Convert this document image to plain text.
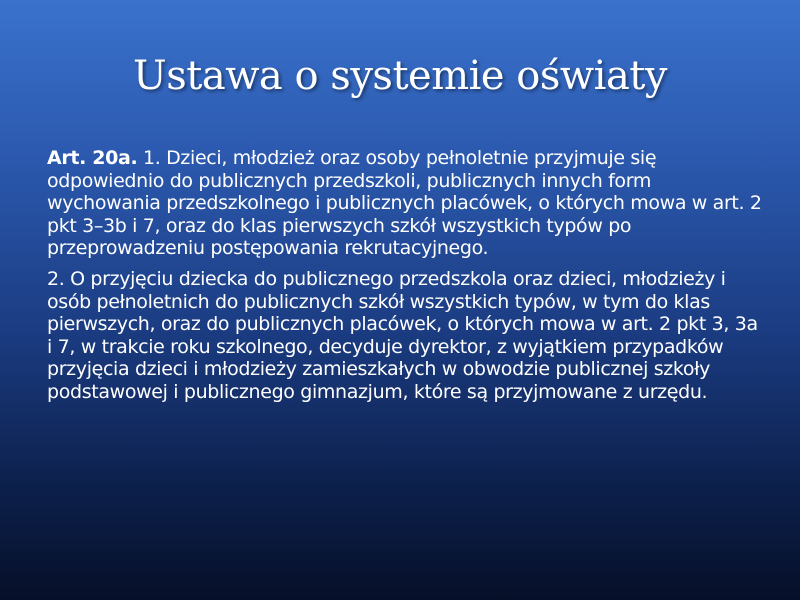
Ustawa o systemie oświaty

Art. 20a. 1. Dzieci, młodzież oraz osoby pełnoletnie przyjmuje się odpowiednio do publicznych przedszkoli, publicznych innych form wychowania przedszkolnego i publicznych placówek, o których mowa w art. 2 pkt 3–3b i 7, oraz do klas pierwszych szkół wszystkich typów po przeprowadzeniu postępowania rekrutacyjnego.

2. O przyjęciu dziecka do publicznego przedszkola oraz dzieci, młodzieży i osób pełnoletnich do publicznych szkół wszystkich typów, w tym do klas pierwszych, oraz do publicznych placówek, o których mowa w art. 2 pkt 3, 3a i 7, w trakcie roku szkolnego, decyduje dyrektor, z wyjątkiem przypadków przyjęcia dzieci i młodzieży zamieszkałych w obwodzie publicznej szkoły podstawowej i publicznego gimnazjum, które są przyjmowane z urzędu.
